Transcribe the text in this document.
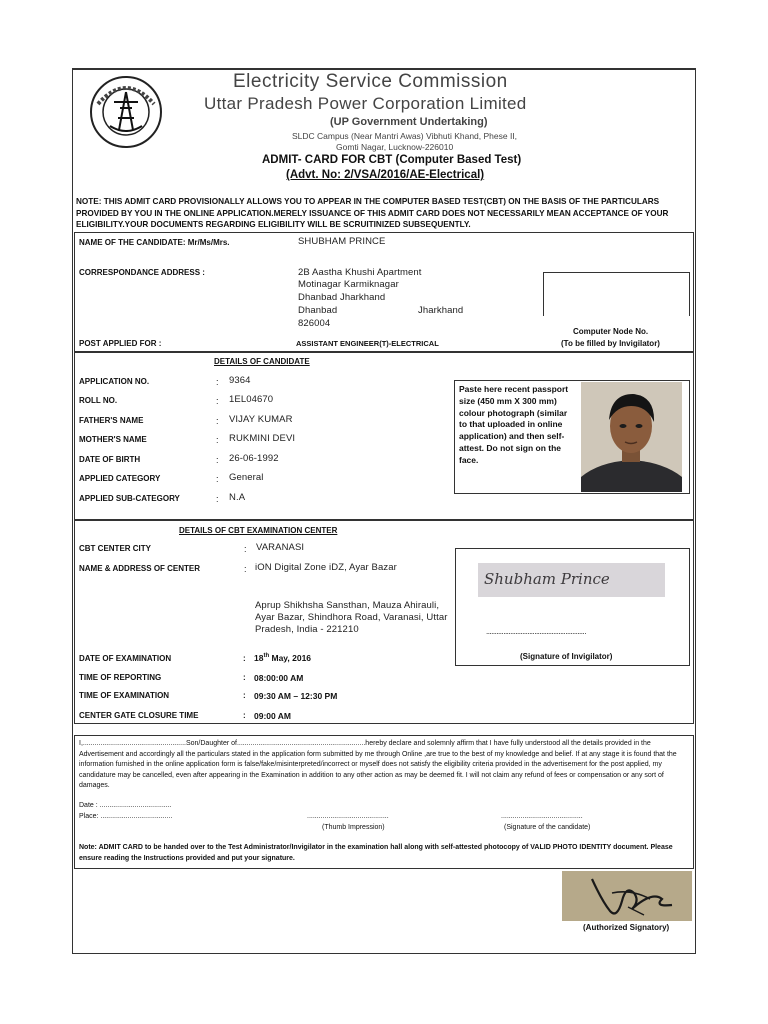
Electricity Service Commission
Uttar Pradesh Power Corporation Limited
(UP Government Undertaking)
SLDC Campus (Near Mantri Awas) Vibhuti Khand, Phese II,
Gomti Nagar, Lucknow-226010
ADMIT- CARD FOR CBT (Computer Based Test)
(Advt. No: 2/VSA/2016/AE-Electrical)
NOTE: THIS ADMIT CARD PROVISIONALLY ALLOWS YOU TO APPEAR IN THE COMPUTER BASED TEST(CBT) ON THE BASIS OF THE PARTICULARS PROVIDED BY YOU IN THE ONLINE APPLICATION.MERELY ISSUANCE OF THIS ADMIT CARD DOES NOT NECESSARILY MEAN ACCEPTANCE OF YOUR ELIGIBILITY.YOUR DOCUMENTS REGARDING ELIGIBILITY WILL BE SCRUITINIZED SUBSEQUENTLY.
NAME OF THE CANDIDATE: Mr/Ms/Mrs.	SHUBHAM PRINCE
CORRESPONDANCE ADDRESS :	2B Aastha Khushi Apartment
Motinagar Karmiknagar
Dhanbad Jharkhand
Dhanbad	Jharkhand
826004
Computer Node No.
(To be filled by Invigilator)
POST APPLIED FOR :	ASSISTANT ENGINEER(T)-ELECTRICAL
DETAILS OF CANDIDATE
APPLICATION NO.	: 9364
ROLL NO.	: 1EL04670
FATHER'S NAME	: VIJAY KUMAR
MOTHER'S NAME	: RUKMINI DEVI
DATE OF BIRTH	: 26-06-1992
APPLIED CATEGORY	: General
APPLIED SUB-CATEGORY	: N.A
Paste here recent passport size (450 mm X 300 mm) colour photograph (similar to that uploaded in online application) and then self-attest. Do not sign on the face.
DETAILS OF CBT EXAMINATION CENTER
CBT CENTER CITY	: VARANASI
NAME & ADDRESS OF CENTER	: iON Digital Zone iDZ, Ayar Bazar
Aprup Shikhsha Sansthan, Mauza Ahirauli,
Ayar Bazar, Shindhora Road, Varanasi, Uttar
Pradesh, India - 221210
DATE OF EXAMINATION	: 18th May, 2016
TIME OF REPORTING	: 08:00:00 AM
TIME OF EXAMINATION	: 09:30 AM – 12:30 PM
CENTER GATE CLOSURE TIME	: 09:00 AM
Shubham Prince
..........................................................
(Signature of Invigilator)
I,.....................................................Son/Daughter of..................................................................hereby declare and solemnly affirm that I have fully understood all the details provided in the Advertisement and accordingly all the particulars stated in the application form submitted by me through Online ,are true to the best of my knowledge and belief. If at any stage it is found that the information furnished in the online application form is false/fake/misinterpreted/incorrect or myself does not satisfy the eligibility criteria provided in the advertisement for the post applied, my candidature may be cancelled, even after appearing in the Examination in addition to any other action as may be deemed fit. I will not claim any refund of fees or compensation or any sort of damages.
Date : .....................................
Place: .....................................	..........................................
(Thumb Impression)
..........................................
(Signature of the candidate)
Note: ADMIT CARD to be handed over to the Test Administrator/Invigilator in the examination hall along with self-attested photocopy of VALID PHOTO IDENTITY document. Please ensure reading the Instructions provided and put your signature.
(Authorized Signatory)
